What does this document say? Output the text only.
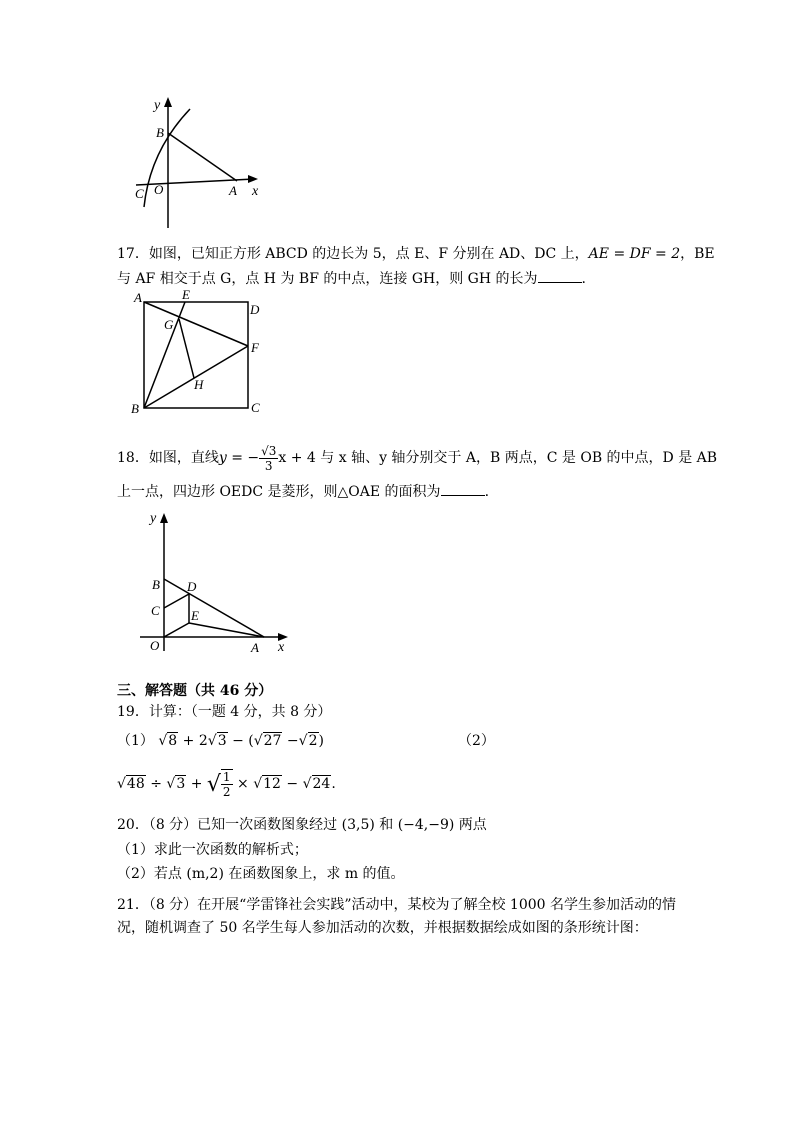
y
x
B
C O	A
17．如图，已知正方形 ABCD 的边长为 5，点 E、F 分别在 AD、DC 上，AE = DF = 2，BE
与 AF 相交于点 G，点 H 为 BF 的中点，连接 GH，则 GH 的长为	.
A	E
D
G
F
H
B	C
18．如图，直线y = − $\frac{√3}{3}$ x + 4 与 x 轴、y 轴分别交于 A，B 两点，C 是 OB 的中点，D 是 AB
上一点，四边形 OEDC 是菱形，则△OAE 的面积为	.
y
B D
C E
O	A x
三、解答题（共 46 分）
19．计算：（一题 4 分，共 8 分）
（1） √8 + 2√3 − (√27 −√2)	（2）
√48 ÷ √3 + √ $\frac{1}{2} \times √12 - √24$.
20．（8 分）已知一次函数图象经过 (3,5) 和 (−4,−9) 两点
（1）求此一次函数的解析式；
（2）若点 (m,2) 在函数图象上，求 m 的值。
21．（8 分）在开展“学雷锋社会实践”活动中，某校为了解全校 1000 名学生参加活动的情
况，随机调查了 50 名学生每人参加活动的次数，并根据数据绘成如图的条形统计图：
